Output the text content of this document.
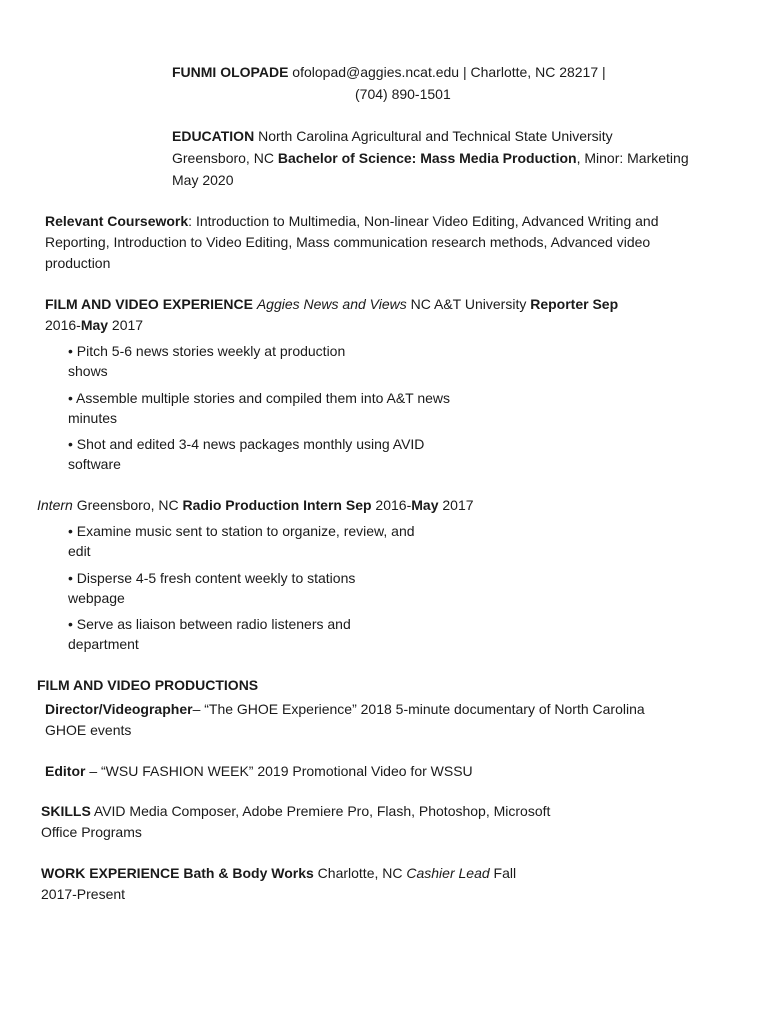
FUNMI OLOPADE ofolopad@aggies.ncat.edu | Charlotte, NC 28217 |
(704) 890-1501
EDUCATION North Carolina Agricultural and Technical State University
Greensboro, NC Bachelor of Science: Mass Media Production, Minor: Marketing
May 2020
Relevant Coursework: Introduction to Multimedia, Non-linear Video Editing, Advanced Writing and
Reporting, Introduction to Video Editing, Mass communication research methods, Advanced video
production
FILM AND VIDEO EXPERIENCE Aggies News and Views NC A&T University Reporter Sep
2016-May 2017
• Pitch 5-6 news stories weekly at production
shows
• Assemble multiple stories and compiled them into A&T news
minutes
• Shot and edited 3-4 news packages monthly using AVID
software
Intern Greensboro, NC Radio Production Intern Sep 2016-May 2017
• Examine music sent to station to organize, review, and
edit
• Disperse 4-5 fresh content weekly to stations
webpage
• Serve as liaison between radio listeners and
department
FILM AND VIDEO PRODUCTIONS
Director/Videographer– “The GHOE Experience” 2018 5-minute documentary of North Carolina
GHOE events
Editor – “WSU FASHION WEEK” 2019 Promotional Video for WSSU
SKILLS AVID Media Composer, Adobe Premiere Pro, Flash, Photoshop, Microsoft
Office Programs
WORK EXPERIENCE Bath & Body Works Charlotte, NC Cashier Lead Fall
2017-Present
